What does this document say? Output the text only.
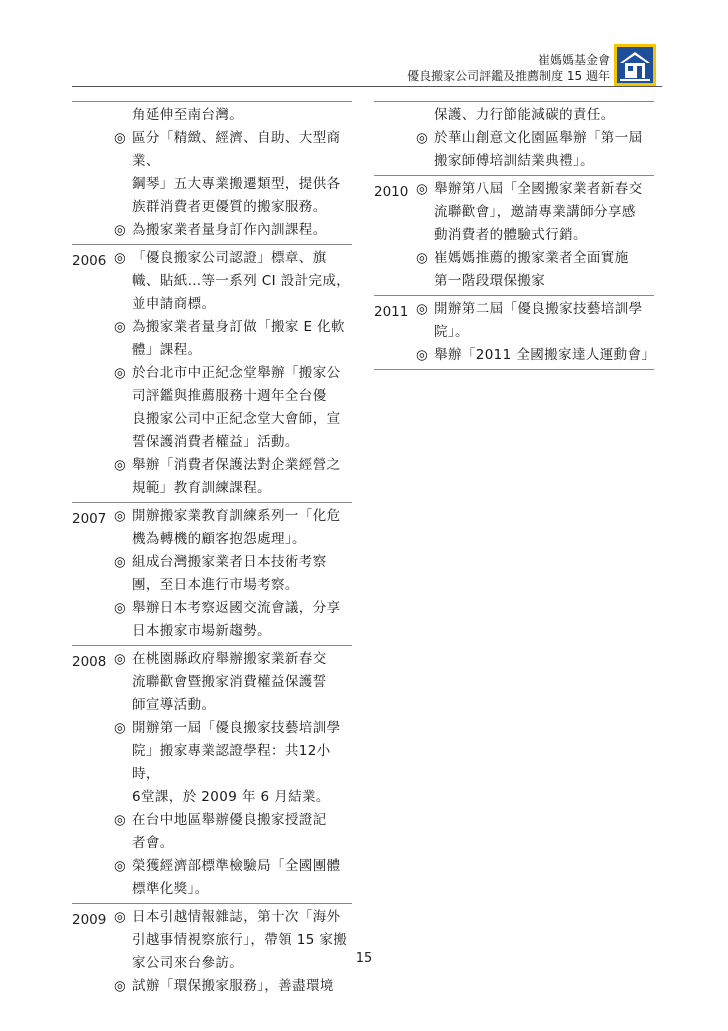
崔媽媽基金會
優良搬家公司評鑑及推薦制度 15 週年
角延伸至南台灣。
◎ 區分「精緻、經濟、自助、大型商業、
鋼琴」五大專業搬遷類型，提供各
族群消費者更優質的搬家服務。
◎ 為搬家業者量身訂作內訓課程。
2006 ◎ 「優良搬家公司認證」標章、旗
幟、貼紙…等一系列 CI 設計完成，
並申請商標。
◎ 為搬家業者量身訂做「搬家 E 化軟
體」課程。
◎ 於台北市中正紀念堂舉辦「搬家公
司評鑑與推薦服務十週年全台優
良搬家公司中正紀念堂大會師，宣
誓保護消費者權益」活動。
◎ 舉辦「消費者保護法對企業經營之
規範」教育訓練課程。
2007 ◎ 開辦搬家業教育訓練系列一「化危
機為轉機的顧客抱怨處理」。
◎ 組成台灣搬家業者日本技術考察
團，至日本進行市場考察。
◎ 舉辦日本考察返國交流會議，分享
日本搬家市場新趨勢。
2008 ◎ 在桃園縣政府舉辦搬家業新春交
流聯歡會暨搬家消費權益保護誓
師宣導活動。
◎ 開辦第一屆「優良搬家技藝培訓學
院」搬家專業認證學程：共12小時，
6堂課，於 2009 年 6 月結業。
◎ 在台中地區舉辦優良搬家授證記
者會。
◎ 榮獲經濟部標準檢驗局「全國團體
標準化獎」。
2009 ◎ 日本引越情報雜誌，第十次「海外
引越事情視察旅行」，帶領 15 家搬
家公司來台參訪。
◎ 試辦「環保搬家服務」，善盡環境
保護、力行節能減碳的責任。
◎ 於華山創意文化園區舉辦「第一屆
搬家師傅培訓結業典禮」。
2010 ◎ 舉辦第八屆「全國搬家業者新春交
流聯歡會」，邀請專業講師分享感
動消費者的體驗式行銷。
◎ 崔媽媽推薦的搬家業者全面實施
第一階段環保搬家
2011 ◎ 開辦第二屆「優良搬家技藝培訓學
院」。
◎ 舉辦「2011 全國搬家達人運動會」
15
